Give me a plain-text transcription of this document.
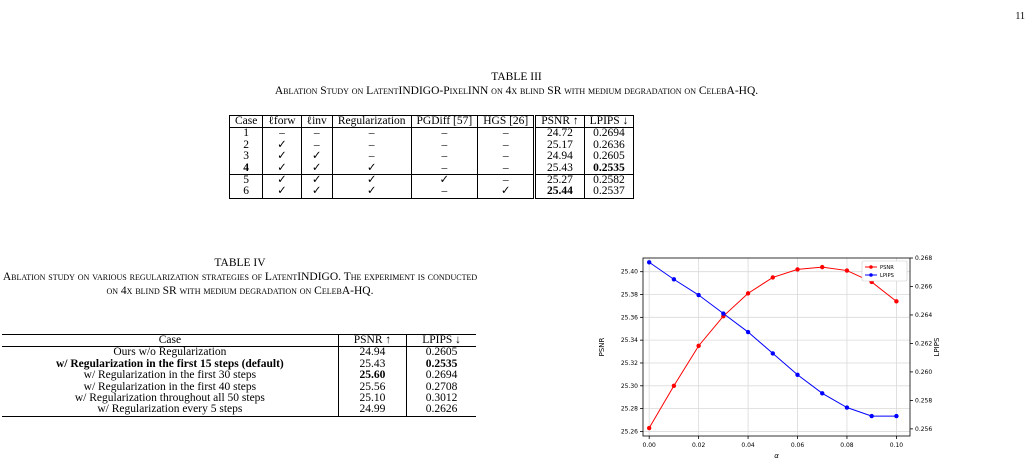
11
TABLE III
Ablation Study on LatentINDIGO-PixelINN on 4x blind SR with medium degradation on CelebA-HQ.
Case	ℓforw	ℓinv	Regularization	PGDiff [57]	HGS [26]	PSNR ↑	LPIPS ↓
1	–	–	–	–	–	24.72	0.2694
2	✓	–	–	–	–	25.17	0.2636
3	✓	✓	–	–	–	24.94	0.2605
4	✓	✓	✓	–	–	25.43	0.2535
5	✓	✓	✓	✓	–	25.27	0.2582
6	✓	✓	✓	–	✓	25.44	0.2537
TABLE IV
Ablation study on various regularization strategies of LatentINDIGO. The experiment is conducted on 4x blind SR with medium degradation on CelebA-HQ.
Case	PSNR ↑	LPIPS ↓
Ours w/o Regularization	24.94	0.2605
w/ Regularization in the first 15 steps (default)	25.43	0.2535
w/ Regularization in the first 30 steps	25.60	0.2694
w/ Regularization in the first 40 steps	25.56	0.2708
w/ Regularization throughout all 50 steps	25.10	0.3012
w/ Regularization every 5 steps	24.99	0.2626
0.00	0.02	0.04	0.06	0.08	0.10
25.26
25.28
25.30
25.32
25.34
25.36
25.38
25.40
0.256
0.258
0.260
0.262
0.264
0.266
0.268
α
PSNR	LPIPS
PSNR
LPIPS
